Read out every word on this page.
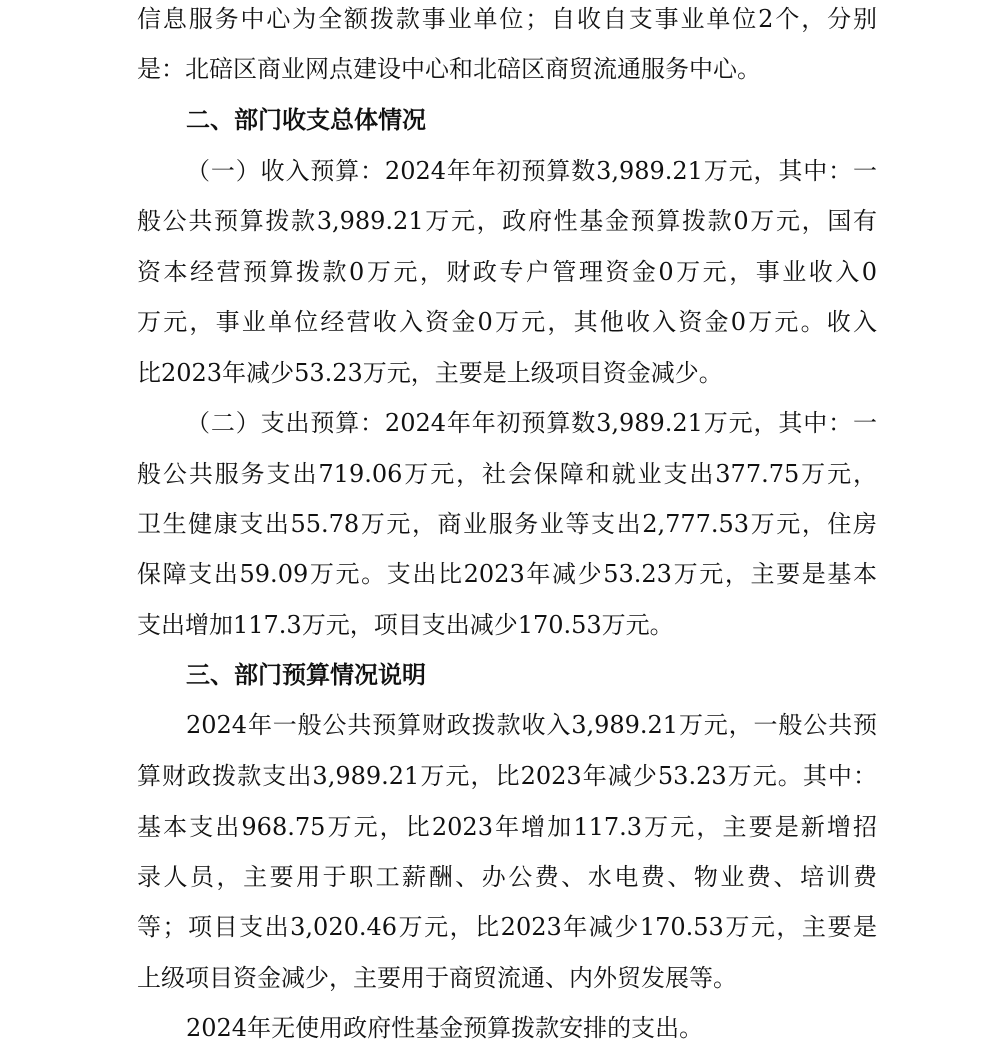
信息服务中心为全额拨款事业单位；自收自支事业单位2个，分别
是：北碚区商业网点建设中心和北碚区商贸流通服务中心。
二、部门收支总体情况
（一）收入预算：2024年年初预算数3,989.21万元，其中：一
般公共预算拨款3,989.21万元，政府性基金预算拨款0万元，国有
资本经营预算拨款0万元，财政专户管理资金0万元，事业收入0
万元，事业单位经营收入资金0万元，其他收入资金0万元。收入
比2023年减少53.23万元，主要是上级项目资金减少。
（二）支出预算：2024年年初预算数3,989.21万元，其中：一
般公共服务支出719.06万元，社会保障和就业支出377.75万元，
卫生健康支出55.78万元，商业服务业等支出2,777.53万元，住房
保障支出59.09万元。支出比2023年减少53.23万元，主要是基本
支出增加117.3万元，项目支出减少170.53万元。
三、部门预算情况说明
2024年一般公共预算财政拨款收入3,989.21万元，一般公共预
算财政拨款支出3,989.21万元，比2023年减少53.23万元。其中：
基本支出968.75万元，比2023年增加117.3万元，主要是新增招
录人员，主要用于职工薪酬、办公费、水电费、物业费、培训费
等；项目支出3,020.46万元，比2023年减少170.53万元，主要是
上级项目资金减少，主要用于商贸流通、内外贸发展等。
2024年无使用政府性基金预算拨款安排的支出。
